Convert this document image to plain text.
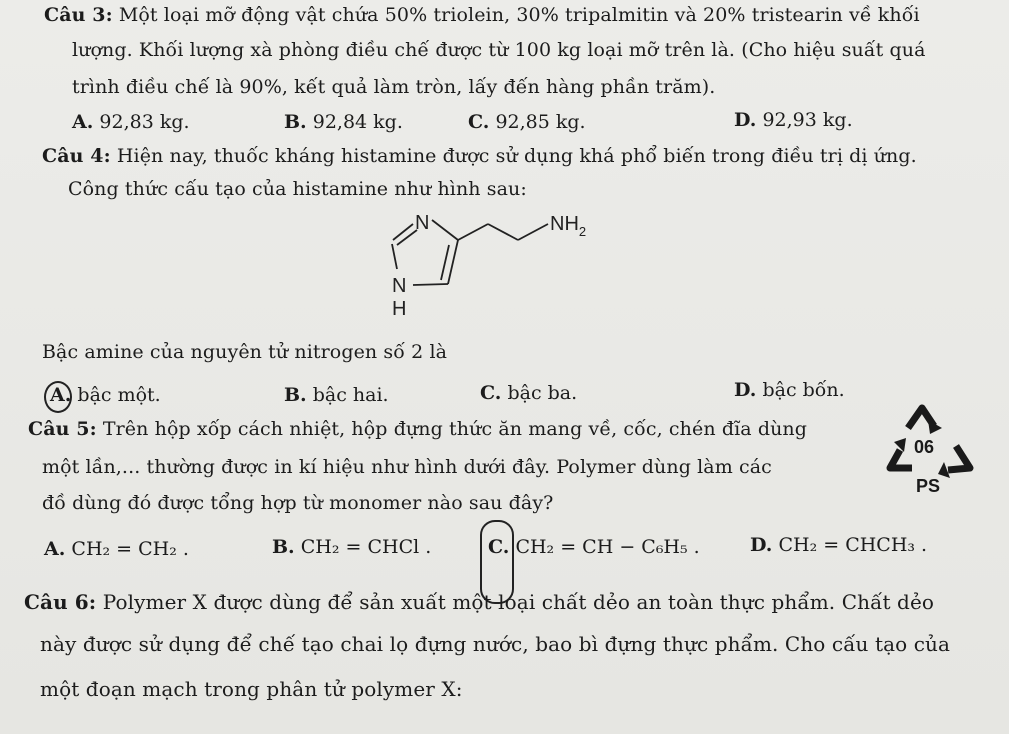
Câu 3: Một loại mỡ động vật chứa 50% triolein, 30% tripalmitin và 20% tristearin về khối
lượng. Khối lượng xà phòng điều chế được từ 100 kg loại mỡ trên là. (Cho hiệu suất quá
trình điều chế là 90%, kết quả làm tròn, lấy đến hàng phần trăm).
A. 92,83 kg.	B. 92,84 kg.	C. 92,85 kg.	D. 92,93 kg.
Câu 4: Hiện nay, thuốc kháng histamine được sử dụng khá phổ biến trong điều trị dị ứng.
Công thức cấu tạo của histamine như hình sau:
N	$NH_2$
N
H
Bậc amine của nguyên tử nitrogen số 2 là
A. bậc một.	B. bậc hai.	C. bậc ba.	D. bậc bốn.
Câu 5: Trên hộp xốp cách nhiệt, hộp đựng thức ăn mang về, cốc, chén đĩa dùng
một lần,... thường được in kí hiệu như hình dưới đây. Polymer dùng làm các
đồ dùng đó được tổng hợp từ monomer nào sau đây?
06
PS
A. CH₂ = CH₂ .	B. CH₂ = CHCl .	C. CH₂ = CH − C₆H₅ .	D. CH₂ = CHCH₃ .
Câu 6: Polymer X được dùng để sản xuất một loại chất dẻo an toàn thực phẩm. Chất dẻo
này được sử dụng để chế tạo chai lọ đựng nước, bao bì đựng thực phẩm. Cho cấu tạo của
một đoạn mạch trong phân tử polymer X:
